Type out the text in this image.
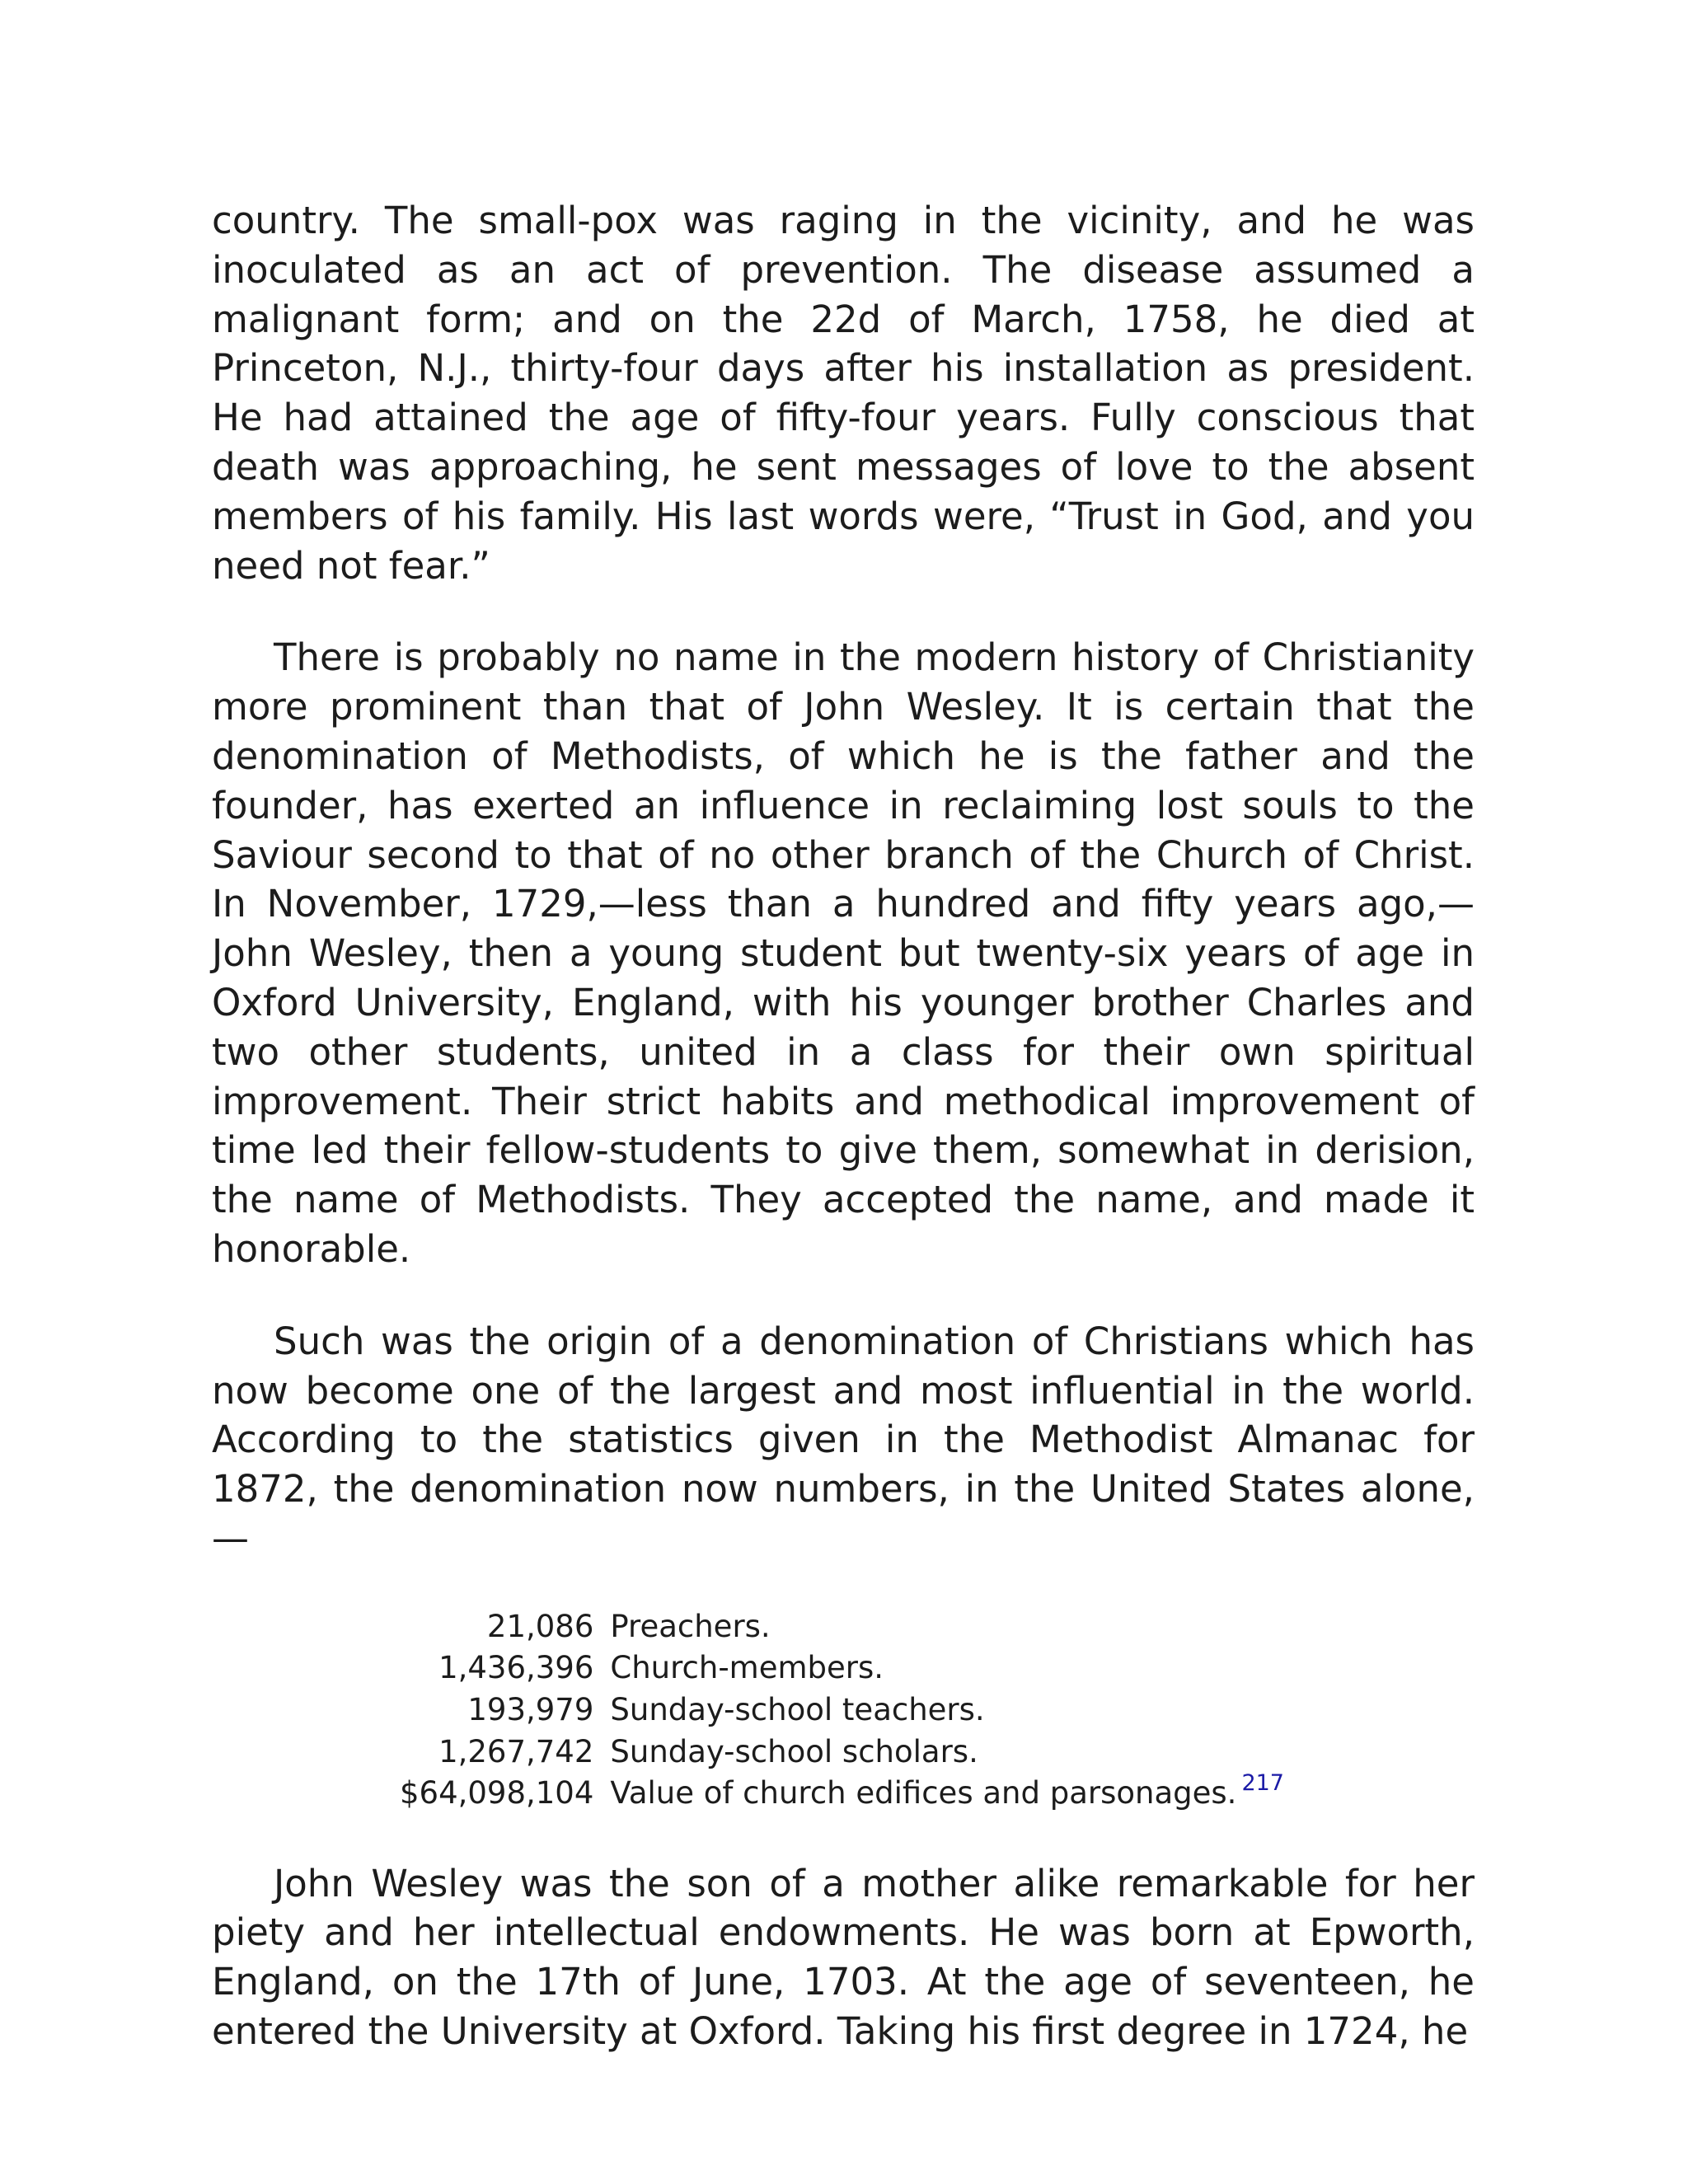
country. The small-pox was raging in the vicinity, and he was inoculated as an act of prevention. The disease assumed a malignant form; and on the 22d of March, 1758, he died at Princeton, N.J., thirty-four days after his installation as president. He had attained the age of fifty-four years. Fully conscious that death was approaching, he sent messages of love to the absent members of his family. His last words were, “Trust in God, and you need not fear.”

There is probably no name in the modern history of Christianity more prominent than that of John Wesley. It is certain that the denomination of Methodists, of which he is the father and the founder, has exerted an influence in reclaiming lost souls to the Saviour second to that of no other branch of the Church of Christ. In November, 1729,—less than a hundred and fifty years ago,—John Wesley, then a young student but twenty-six years of age in Oxford University, England, with his younger brother Charles and two other students, united in a class for their own spiritual improvement. Their strict habits and methodical improvement of time led their fellow-students to give them, somewhat in derision, the name of Methodists. They accepted the name, and made it honorable.

Such was the origin of a denomination of Christians which has now become one of the largest and most influential in the world. According to the statistics given in the Methodist Almanac for 1872, the denomination now numbers, in the United States alone,—

21,086	Preachers.
1,436,396	Church-members.
193,979	Sunday-school teachers.
1,267,742	Sunday-school scholars.
$64,098,104	Value of church edifices and parsonages. $^{217}$

John Wesley was the son of a mother alike remarkable for her piety and her intellectual endowments. He was born at Epworth, England, on the 17th of June, 1703. At the age of seventeen, he entered the University at Oxford. Taking his first degree in 1724, he
